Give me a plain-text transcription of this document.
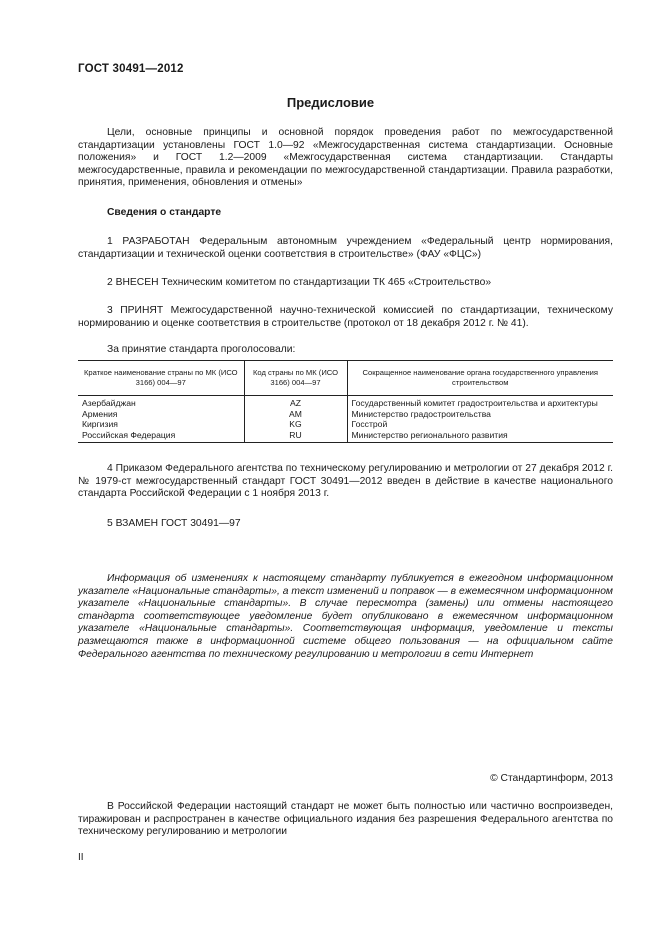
ГОСТ 30491—2012
Предисловие

Цели, основные принципы и основной порядок проведения работ по межгосударственной стандартизации установлены ГОСТ 1.0—92 «Межгосударственная система стандартизации. Основные положения» и ГОСТ 1.2—2009 «Межгосударственная система стандартизации. Стандарты межгосударственные, правила и рекомендации по межгосударственной стандартизации. Правила разработки, принятия, применения, обновления и отмены»

Сведения о стандарте

1 РАЗРАБОТАН Федеральным автономным учреждением «Федеральный центр нормирования, стандартизации и технической оценки соответствия в строительстве» (ФАУ «ФЦС»)

2 ВНЕСЕН Техническим комитетом по стандартизации ТК 465 «Строительство»

3 ПРИНЯТ Межгосударственной научно-технической комиссией по стандартизации, техническому нормированию и оценке соответствия в строительстве (протокол от 18 декабря 2012 г. № 41).

За принятие стандарта проголосовали:
Краткое наименование страны по МК (ИСО 3166) 004—97	Код страны по МК (ИСО 3166) 004—97	Сокращенное наименование органа государственного управления строительством
Азербайджан	AZ	Государственный комитет градостроительства и архитектуры
Армения	AM	Министерство градостроительства
Киргизия	KG	Госстрой
Российская Федерация	RU	Министерство регионального развития

4 Приказом Федерального агентства по техническому регулированию и метрологии от 27 декабря 2012 г. № 1979-ст межгосударственный стандарт ГОСТ 30491—2012 введен в действие в качестве национального стандарта Российской Федерации с 1 ноября 2013 г.

5 ВЗАМЕН ГОСТ 30491—97

Информация об изменениях к настоящему стандарту публикуется в ежегодном информационном указателе «Национальные стандарты», а текст изменений и поправок — в ежемесячном информационном указателе «Национальные стандарты». В случае пересмотра (замены) или отмены настоящего стандарта соответствующее уведомление будет опубликовано в ежемесячном информационном указателе «Национальные стандарты». Соответствующая информация, уведомление и тексты размещаются также в информационной системе общего пользования — на официальном сайте Федерального агентства по техническому регулированию и метрологии в сети Интернет

© Стандартинформ, 2013

В Российской Федерации настоящий стандарт не может быть полностью или частично воспроизведен, тиражирован и распространен в качестве официального издания без разрешения Федерального агентства по техническому регулированию и метрологии

II
